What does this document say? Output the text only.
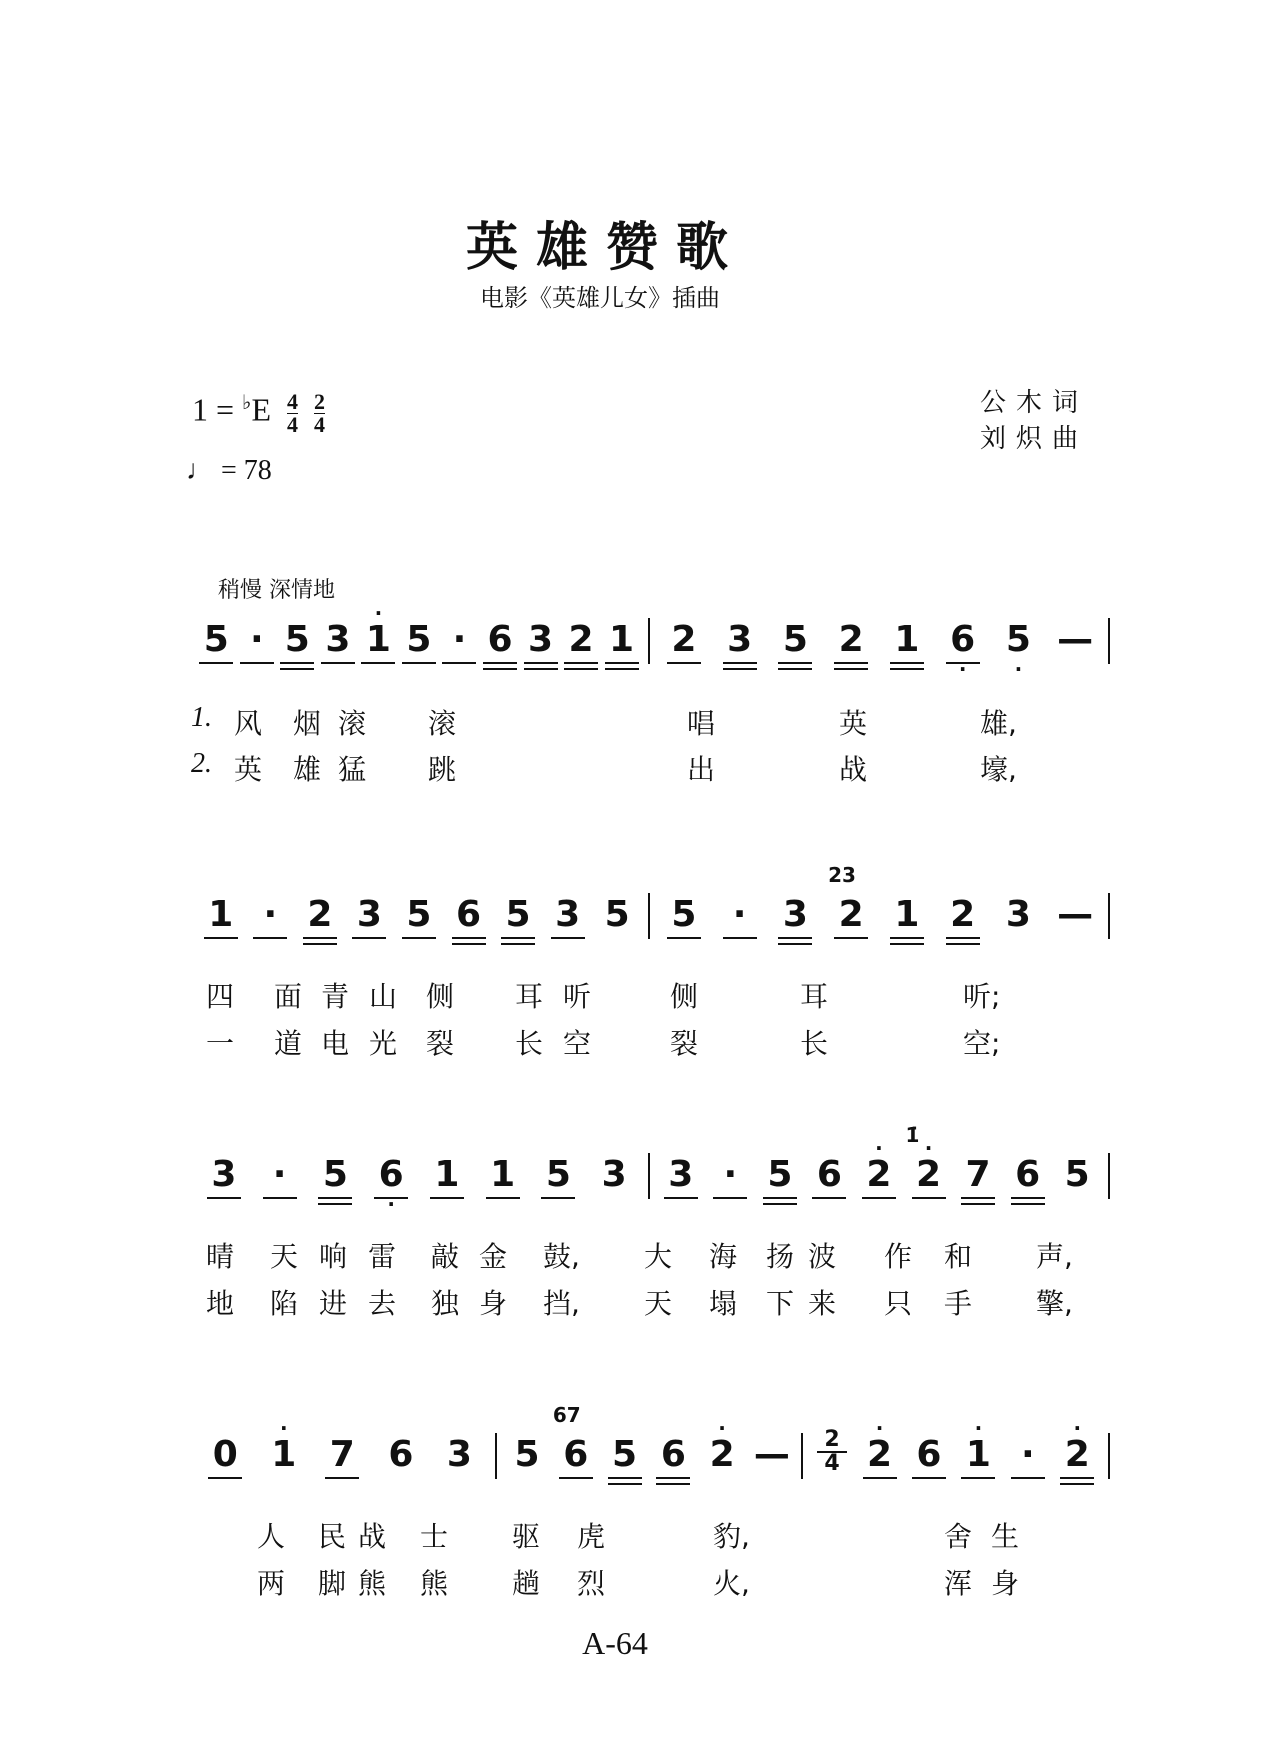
英雄赞歌
电影《英雄儿女》插曲
$1 = ^♭E \frac{4}{4}$
$\frac{2}{4}$
♩ = 78
公木词
刘炽曲
稍慢 深情地
5 · 5 3 1
·
5 · 6 3 2 1 2 3 5 2 1 6
·
5
·
—
1. 风 烟 滚 滚	唱	英	雄,
2. 英 雄 猛 跳	出	战	壕,
1 · 2 3 5 6 5 3 5 5 · 3 2
23
1 2 3 —
四 面 青 山 侧 耳 听	侧	耳	听;
一 道 电 光 裂 长 空	裂	长	空;
3 · 5 6
·
1 1 5 3 3 · 5 6 2
·
2
·
1̇
7 6 5
晴 天 响 雷 敲 金 鼓, 大 海 扬 波 作 和 声,
地 陷 进 去 独 身 挡, 天 塌 下 来 只 手 擎,
0 1
·
7 6 3 5 6
67
5 6 2
·
— $\frac{2}{4} 2$
·
6 1
·
· 2
·
人 民 战 士 驱 虎	豹,	舍 生
两 脚 熊 熊 趟 烈	火,	浑 身
A-64
